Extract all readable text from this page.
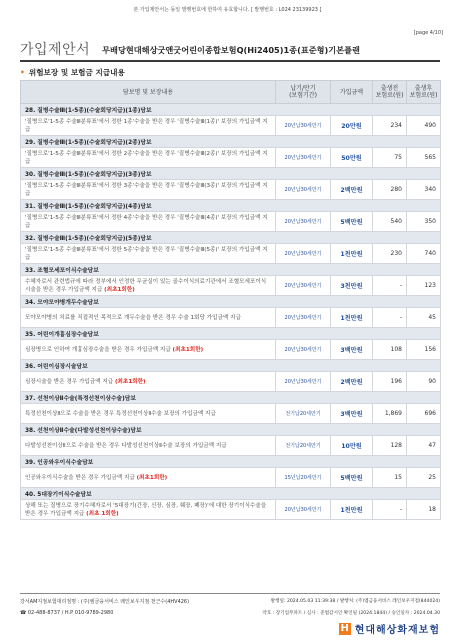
본 가입제안서는 동일 발행번호에 한하여 유효합니다. [ 발행번호 : L024 23139923 ]
[page 4/10]
가입제안서 무배당현대해상굿앤굿어린이종합보험Q(Hi2405)1종(표준형)기본플랜
• 위험보장 및 보험금 지급내용
담보명 및 보장내용	납기/만기
(보험기간)	가입금액	출생전
보험료(원)	출생후
보험료(원)
28. 질병수술Ⅲ(1-5종)(수술회당지급)(1종)담보				
'질병으로'1-5종 수술Ⅲ분류표'에서 정한 1종'수술을 받은 경우 '질병수술Ⅲ(1종)' 보장의 가입금액 지급	20년납30세만기	20만원	234	490
29. 질병수술Ⅲ(1-5종)(수술회당지급)(2종)담보				
'질병으로'1-5종 수술Ⅲ분류표'에서 정한 2종'수술을 받은 경우 '질병수술Ⅲ(2종)' 보장의 가입금액 지급	20년납30세만기	50만원	75	565
30. 질병수술Ⅲ(1-5종)(수술회당지급)(3종)담보				
'질병으로'1-5종 수술Ⅲ분류표'에서 정한 3종'수술을 받은 경우 '질병수술Ⅲ(3종)' 보장의 가입금액 지급	20년납30세만기	2백만원	280	340
31. 질병수술Ⅲ(1-5종)(수술회당지급)(4종)담보				
'질병으로'1-5종 수술Ⅲ분류표'에서 정한 4종'수술을 받은 경우 '질병수술Ⅲ(4종)' 보장의 가입금액 지급	20년납30세만기	5백만원	540	350
32. 질병수술Ⅲ(1-5종)(수술회당지급)(5종)담보				
'질병으로'1-5종 수술Ⅲ분류표'에서 정한 5종'수술을 받은 경우 '질병수술Ⅲ(5종)' 보장의 가입금액 지급	20년납30세만기	1천만원	230	740
33. 조혈모세포이식수술담보				
수혜자로서 관련법규에 따라 정부에서 인정한 무균실이 있는 골수이식의료기관에서 조혈모세포이식 시술을 받은 경우 가입금액 지급 (최초1회한)	20년납30세만기	3천만원	-	123
34. 모야모야병개두수술담보				
모야모야병의 치료를 직접적인 목적으로 개두수술을 받은 경우 수술 1회당 가입금액 지급	20년납30세만기	1천만원	-	45
35. 어린이개흉심장수술담보				
심장병으로 인하여 개흉심장수술을 받은 경우 가입금액 지급 (최초1회한)	20년납30세만기	3백만원	108	156
36. 어린이심장시술담보				
심장시술을 받은 경우 가입금액 지급 (최초1회한)	20년납30세만기	2백만원	196	90
37. 선천이상Ⅱ수술(특정선천이상수술)담보				
특정선천이상Ⅱ으로 수술을 받은 경우 특정선천이상Ⅱ수술 보장의 가입금액 지급	전기납20세만기	3백만원	1,869	696
38. 선천이상Ⅱ수술(다발성선천이상수술)담보				
다발성선천이상Ⅱ으로 수술을 받은 경우 다발성선천이상Ⅱ수술 보장의 가입금액 지급	전기납20세만기	10만원	128	47
39. 인공와우이식수술담보				
인공와우이식수술을 받은 경우 가입금액 지급 (최초1회한)	15년납20세만기	5백만원	15	25
40. 5대장기이식수술담보				
상해 또는 질병으로 장기수혜자로서 '5대장기(간장, 신장, 심장, 췌장, 폐장)'에 대한 장기이식수술을 받은 경우 가입금액 지급 (최초 1회한)	20년납30세만기	1천만원	-	18
강서AM지점보험대리점명 : (주)엠금융서비스 레인보우지점 천근수(4HV426)	발행일: 2024.05.03 11:39:38 / 발행처: (주)엠금융서비스 레인보우지점(844024)
☎ 02-488-8737 / H.P 010-9789-2980	약호 : 장기업무파트 / 심사 : 준법감시인 확인필 (2024.1844) / 승인일자 : 2024.04.30
H 현대해상화재보험
